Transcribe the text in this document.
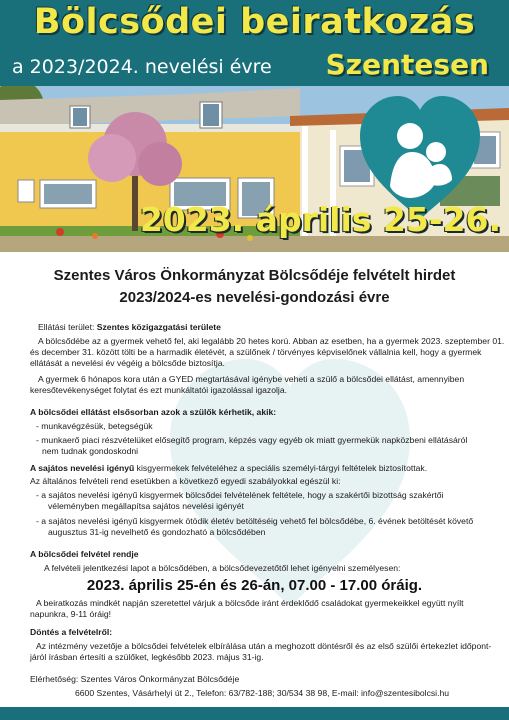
Bölcsődei beiratkozás
a 2023/2024. nevelési évre Szentesen
2023. április 25-26.
Szentes Város Önkormányzat Bölcsődéje felvételt hirdet
2023/2024-es nevelési-gondozási évre
Ellátási terület: Szentes közigazgatási területe
A bölcsődébe az a gyermek vehető fel, aki legalább 20 hetes korú. Abban az esetben, ha a gyermek 2023. szeptember 01.
és december 31. között tölti be a harmadik életévét, a szülőnek / törvényes képviselőnek vállalnia kell, hogy a gyermek
ellátását a nevelési év végéig a bölcsőde biztosítja.
A gyermek 6 hónapos kora után a GYED megtartásával igénybe veheti a szülő a bölcsődei ellátást, amennyiben
keresőtevékenységet folytat és ezt munkáltatói igazolással igazolja.
A bölcsődei ellátást elsősorban azok a szülők kérhetik, akik:
- munkavégzésük, betegségük
- munkaerő piaci részvételüket elősegítő program, képzés vagy egyéb ok miatt gyermekük napközbeni ellátásáról
nem tudnak gondoskodni
A sajátos nevelési igényű kisgyermekek felvételéhez a speciális személyi-tárgyi feltételek biztosítottak.
Az általános felvételi rend esetükben a következő egyedi szabályokkal egészül ki:
- a sajátos nevelési igényű kisgyermek bölcsődei felvételének feltétele, hogy a szakértői bizottság szakértői
véleményben megállapítsa sajátos nevelési igényét
- a sajátos nevelési igényű kisgyermek ötödik életév betöltéséig vehető fel bölcsődébe, 6. évének betöltését követő
augusztus 31-ig nevelhető és gondozható a bölcsődében
A bölcsődei felvétel rendje
A felvételi jelentkezési lapot a bölcsődében, a bölcsődevezetőtől lehet igényelni személyesen:
2023. április 25-én és 26-án, 07.00 - 17.00 óráig.
A beiratkozás mindkét napján szeretettel várjuk a bölcsőde iránt érdeklődő családokat gyermekeikkel együtt nyílt
napunkra, 9-11 óráig!
Döntés a felvételről:
Az intézmény vezetője a bölcsődei felvételek elbírálása után a meghozott döntésről és az első szülői értekezlet időpont-
járól írásban értesíti a szülőket, legkésőbb 2023. május 31-ig.
Elérhetőség: Szentes Város Önkormányzat Bölcsődéje
6600 Szentes, Vásárhelyi út 2., Telefon: 63/782-188; 30/534 38 98, E-mail: info@szentesibolcsi.hu
